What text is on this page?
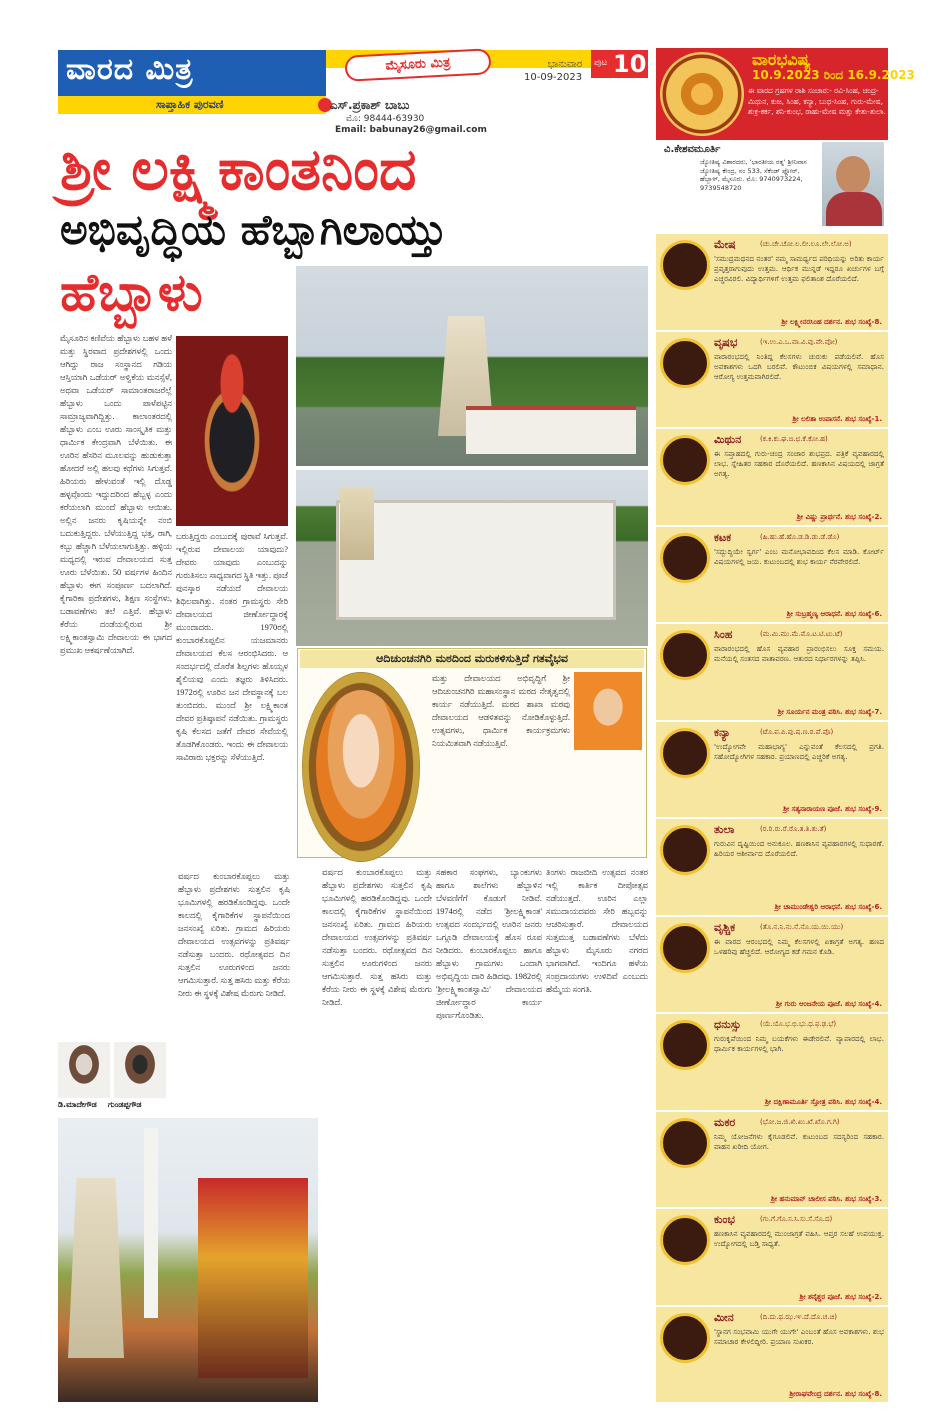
ವಾರದ ಮಿತ್ರ
ಸಾಪ್ತಾಹಿಕ ಪುರವಣಿ
ಮೈಸೂರು ಮಿತ್ರ	ಭಾನುವಾರ
10-09-2023
ಪುಟ 10
ಎಸ್.ಪ್ರಕಾಶ್ ಬಾಬು
ಮೊ: 98444-63930
Email: babunay26@gmail.com
ಶ್ರೀ ಲಕ್ಷ್ಮಿಕಾಂತನಿಂದ
ಅಭಿವೃದ್ಧಿಯ ಹೆಬ್ಬಾಗಿಲಾಯ್ತು
ಹೆಬ್ಬಾಳು
ಡಿ.ಮಾದೇಗೌಡ ಗುಂಡಪ್ಪಗೌಡ
ಮೈಸೂರಿನ ಕಣಿವೆಯ ಹೆಬ್ಬಾಳು ಬಹಳ ಹಳೆ ಮತ್ತು ಸ್ಥಿರವಾದ ಪ್ರದೇಶಗಳಲ್ಲಿ ಒಂದು ಆಗಿದ್ದು ರಾಜ ಸಂಸ್ಥಾನದ ಗಡಿಯ ಆಸ್ತಿಯಾಗಿ ಒಡೆಯರ್ ಅಳ್ವಿಕೆಯ ಮನಸ್ಸೆಳೆ, ಅಥವಾ ಒಡೆಯರ್ ಸಾಮಾಂತರಾಜರೆಲ್ಲೆ ಹೆಬ್ಬಾಳು ಒಂದು ಪಾಳೆಪಟ್ಟಿನ ಸಾಮ್ರಾಜ್ಯವಾಗಿದ್ದಿತ್ತು. ಕಾಲಾಂತರದಲ್ಲಿ ಹೆಬ್ಬಾಳು ಎಂಬ ಊರು ಸಾಂಸ್ಕೃತಿಕ ಮತ್ತು ಧಾರ್ಮಿಕ ಕೇಂದ್ರವಾಗಿ ಬೆಳೆಯಿತು. ಈ ಊರಿನ ಹೆಸರಿನ ಮೂಲವನ್ನು ಹುಡುಕುತ್ತಾ ಹೋದರೆ ಅಲ್ಲಿ ಹಲವು ಕಥೆಗಳು ಸಿಗುತ್ತವೆ. ಹಿರಿಯರು ಹೇಳುವಂತೆ ಇಲ್ಲಿ ದೊಡ್ಡ ಹಳ್ಳವೊಂದು ಇದ್ದುದರಿಂದ ಹೆಬ್ಬಳ್ಳ ಎಂದು ಕರೆಯಲಾಗಿ ಮುಂದೆ ಹೆಬ್ಬಾಳು ಆಯಿತು. ಅಲ್ಲಿನ ಜನರು ಕೃಷಿಯನ್ನೇ ನಂಬಿ ಬದುಕುತ್ತಿದ್ದರು. ಬೆಳೆಯುತ್ತಿದ್ದ ಭತ್ತ, ರಾಗಿ, ಕಬ್ಬು ಹೆಚ್ಚಾಗಿ ಬೆಳೆಯಲಾಗುತ್ತಿತ್ತು. ಹಳ್ಳಿಯ ಮಧ್ಯದಲ್ಲಿ ಇರುವ ದೇವಾಲಯದ ಸುತ್ತ ಊರು ಬೆಳೆಯಿತು. 50 ವರ್ಷಗಳ ಹಿಂದಿನ ಹೆಬ್ಬಾಳು ಈಗ ಸಂಪೂರ್ಣ ಬದಲಾಗಿದೆ. ಕೈಗಾರಿಕಾ ಪ್ರದೇಶಗಳು, ಶಿಕ್ಷಣ ಸಂಸ್ಥೆಗಳು, ಬಡಾವಣೆಗಳು ತಲೆ ಎತ್ತಿವೆ. ಹೆಬ್ಬಾಳು ಕೆರೆಯ ದಂಡೆಯಲ್ಲಿರುವ ಶ್ರೀ ಲಕ್ಷ್ಮಿಕಾಂತಸ್ವಾಮಿ ದೇವಾಲಯ ಈ ಭಾಗದ ಪ್ರಮುಖ ಆಕರ್ಷಣೆಯಾಗಿದೆ.
ಬರುತ್ತಿದ್ದರು ಎಂಬುದಕ್ಕೆ ಪುರಾವೆ ಸಿಗುತ್ತವೆ. ಇಲ್ಲಿರುವ ದೇವಾಲಯ ಯಾವುದು? ದೇವರು ಯಾವುದು ಎಂಬುದನ್ನು ಗುರುತಿಸಲು ಸಾಧ್ಯವಾಗದ ಸ್ಥಿತಿ ಇತ್ತು. ಪೂಜೆ ಪುನಸ್ಕಾರ ನಡೆಯದೆ ದೇವಾಲಯ ಶಿಥಿಲವಾಗಿತ್ತು. ನಂತರ ಗ್ರಾಮಸ್ಥರು ಸೇರಿ ದೇವಾಲಯದ ಜೀರ್ಣೋದ್ಧಾರಕ್ಕೆ ಮುಂದಾದರು. 1970ರಲ್ಲಿ ಕುಂಬಾರಕೊಪ್ಪಲಿನ ಯಜಮಾನರು ದೇವಾಲಯದ ಕೆಲಸ ಆರಂಭಿಸಿದರು. ಆ ಸಂದರ್ಭದಲ್ಲಿ ದೊರೆತ ಶಿಲ್ಪಗಳು ಹೊಯ್ಸಳ ಶೈಲಿಯವು ಎಂದು ತಜ್ಞರು ತಿಳಿಸಿದರು. 1972ರಲ್ಲಿ ಊರಿನ ಜನ ದೇವಸ್ಥಾನಕ್ಕೆ ಬಲ ತುಂಬಿದರು. ಮುಂದೆ ಶ್ರೀ ಲಕ್ಷ್ಮಿಕಾಂತ ದೇವರ ಪ್ರತಿಷ್ಠಾಪನೆ ನಡೆಯಿತು. ಗ್ರಾಮಸ್ಥರು ಕೃಷಿ ಕೆಲಸದ ಜತೆಗೆ ದೇವರ ಸೇವೆಯಲ್ಲಿ ತೊಡಗಿಕೊಂಡರು. ಇಂದು ಈ ದೇವಾಲಯ ಸಾವಿರಾರು ಭಕ್ತರನ್ನು ಸೆಳೆಯುತ್ತಿದೆ.
ವರ್ಷದ ಕುಂಬಾರಕೊಪ್ಪಲು ಮತ್ತು ಹೆಬ್ಬಾಳು ಪ್ರದೇಶಗಳು ಸುತ್ತಲಿನ ಕೃಷಿ ಭೂಮಿಗಳಲ್ಲಿ ಹರಡಿಕೊಂಡಿದ್ದವು. ಒಂದೇ ಕಾಲದಲ್ಲಿ ಕೈಗಾರಿಕೆಗಳ ಸ್ಥಾಪನೆಯಿಂದ ಜನಸಂಖ್ಯೆ ಏರಿತು. ಗ್ರಾಮದ ಹಿರಿಯರು ದೇವಾಲಯದ ಉತ್ಸವಗಳನ್ನು ಪ್ರತಿವರ್ಷ ನಡೆಸುತ್ತಾ ಬಂದರು. ರಥೋತ್ಸವದ ದಿನ ಸುತ್ತಲಿನ ಊರುಗಳಿಂದ ಜನರು ಆಗಮಿಸುತ್ತಾರೆ. ಸುತ್ತ ಹಸಿರು ಮತ್ತು ಕೆರೆಯ ನೀರು ಈ ಸ್ಥಳಕ್ಕೆ ವಿಶೇಷ ಮೆರುಗು ನೀಡಿದೆ.
ವರ್ಷದ ಕುಂಬಾರಕೊಪ್ಪಲು ಮತ್ತು ಹೆಬ್ಬಾಳು ಪ್ರದೇಶಗಳು ಸುತ್ತಲಿನ ಕೃಷಿ ಭೂಮಿಗಳಲ್ಲಿ ಹರಡಿಕೊಂಡಿದ್ದವು. ಒಂದೇ ಕಾಲದಲ್ಲಿ ಕೈಗಾರಿಕೆಗಳ ಸ್ಥಾಪನೆಯಿಂದ ಜನಸಂಖ್ಯೆ ಏರಿತು. ಗ್ರಾಮದ ಹಿರಿಯರು ದೇವಾಲಯದ ಉತ್ಸವಗಳನ್ನು ಪ್ರತಿವರ್ಷ ನಡೆಸುತ್ತಾ ಬಂದರು. ರಥೋತ್ಸವದ ದಿನ ಸುತ್ತಲಿನ ಊರುಗಳಿಂದ ಜನರು ಆಗಮಿಸುತ್ತಾರೆ. ಸುತ್ತ ಹಸಿರು ಮತ್ತು ಕೆರೆಯ ನೀರು ಈ ಸ್ಥಳಕ್ಕೆ ವಿಶೇಷ ಮೆರುಗು ನೀಡಿದೆ.
ಸಹಕಾರ ಸಂಘಗಳು, ಬ್ಯಾಂಕುಗಳು ಹಾಗೂ ಶಾಲೆಗಳು ಹೆಬ್ಬಾಳಿನ ಬೆಳವಣಿಗೆಗೆ ಕೊಡುಗೆ ನೀಡಿವೆ. 1974ರಲ್ಲಿ ನಡೆದ 'ಶ್ರೀಲಕ್ಷ್ಮಿಕಾಂತ' ಉತ್ಸವದ ಸಂದರ್ಭದಲ್ಲಿ ಊರಿನ ಜನರು ಒಗ್ಗೂಡಿ ದೇವಾಲಯಕ್ಕೆ ಹೊಸ ರೂಪ ನೀಡಿದರು. ಕುಂಬಾರಕೊಪ್ಪಲು ಹಾಗೂ ಹೆಬ್ಬಾಳು ಗ್ರಾಮಗಳು ಒಂದಾಗಿ ಅಭಿವೃದ್ಧಿಯ ದಾರಿ ಹಿಡಿದವು. 1982ರಲ್ಲಿ 'ಶ್ರೀಲಕ್ಷ್ಮಿಕಾಂತಸ್ವಾಮಿ' ದೇವಾಲಯದ ಜೀರ್ಣೋದ್ಧಾರ ಕಾರ್ಯ ಪೂರ್ಣಗೊಂಡಿತು.
ತಿಂಗಳು ರಾಜಬೀದಿ ಉತ್ಸವದ ನಂತರ ಇಲ್ಲಿ ಕಾರ್ತಿಕ ದೀಪೋತ್ಸವ ನಡೆಯುತ್ತದೆ. ಊರಿನ ಎಲ್ಲಾ ಸಮುದಾಯದವರು ಸೇರಿ ಹಬ್ಬವನ್ನು ಆಚರಿಸುತ್ತಾರೆ. ದೇವಾಲಯದ ಸುತ್ತಮುತ್ತ ಬಡಾವಣೆಗಳು ಬೆಳೆದು ಹೆಬ್ಬಾಳು ಮೈಸೂರು ನಗರದ ಭಾಗವಾಗಿದೆ. ಇಂದಿಗೂ ಹಳೆಯ ಸಂಪ್ರದಾಯಗಳು ಉಳಿದಿವೆ ಎಂಬುದು ಹೆಮ್ಮೆಯ ಸಂಗತಿ.
ಆದಿಚುಂಚನಗಿರಿ ಮಠದಿಂದ ಮರುಕಳಿಸುತ್ತಿದೆ ಗತವೈಭವ
ಮತ್ತು ದೇವಾಲಯದ ಅಭಿವೃದ್ಧಿಗೆ ಶ್ರೀ ಆದಿಚುಂಚನಗಿರಿ ಮಹಾಸಂಸ್ಥಾನ ಮಠದ ನೇತೃತ್ವದಲ್ಲಿ ಕಾರ್ಯ ನಡೆಯುತ್ತಿದೆ. ಮಠದ ಶಾಖಾ ಮಠವು ದೇವಾಲಯದ ಆಡಳಿತವನ್ನು ನೋಡಿಕೊಳ್ಳುತ್ತಿದೆ. ಉತ್ಸವಗಳು, ಧಾರ್ಮಿಕ ಕಾರ್ಯಕ್ರಮಗಳು ನಿಯಮಿತವಾಗಿ ನಡೆಯುತ್ತಿವೆ.
ವಾರಭವಿಷ್ಯ
10.9.2023 ರಿಂದ 16.9.2023
ಈ ವಾರದ ಗ್ರಹಗಳ ರಾಶಿ ಸಂಚಾರ:- ರವಿ-ಸಿಂಹ, ಚಂದ್ರ-ಮಿಥುನ, ಕುಜ, ಸಿಂಹ, ಕನ್ಯಾ, ಬುಧ-ಸಿಂಹ, ಗುರು-ಮೇಷ, ಶುಕ್ರ-ಕರ್ಕ, ಶನಿ-ಕುಂಭ, ರಾಹು-ಮೇಷ ಮತ್ತು ಕೇತು-ತುಲಾ.
ವಿ.ಕೇಶವಮೂರ್ತಿ
ಜ್ಯೋತಿಷ್ಯ ವಿಶಾರದರು, 'ಭಾರತೀಯ ರತ್ನ' ಶ್ರೀನಿವಾಸ ಜ್ಯೋತಿಷ್ಯ ಕೇಂದ್ರ, ನಂ 533, ಸೆಕೆಂಡ್ ಫ್ಲೋರ್, ಹೆಬ್ಬಾಳ್, ಮೈಸೂರು. ಮೊ: 9740973224, 9739548720
ಮೇಷ	(ಚು.ಚೇ.ಚೋ.ಲ.ಲೀ.ಲೂ.ಲೇ.ಲೋ.ಅ)
'ಸಮುದ್ರಮಥನದ ನಂತರ' ನಮ್ಮ ಸಾಮರ್ಥ್ಯದ ಪರಿಧಿಯನ್ನು ಅರಿತು ಕಾರ್ಯ ಪ್ರವೃತ್ತರಾಗುವುದು ಉತ್ತಮ. ಆರ್ಥಿಕ ಮುನ್ನಡೆ ಇದ್ದರೂ ಖರ್ಚುಗಳ ಬಗ್ಗೆ ಎಚ್ಚರವಿರಲಿ. ವಿದ್ಯಾರ್ಥಿಗಳಿಗೆ ಉತ್ತಮ ಫಲಿತಾಂಶ ದೊರೆಯಲಿದೆ.
ಶ್ರೀ ಲಕ್ಷ್ಮೀನರಸಿಂಹ ದರ್ಶನ. ಶುಭ ಸಂಖ್ಯೆ-8.
ವೃಷಭ	(ಇ.ಉ.ಎ.ಒ.ವಾ.ವಿ.ವು.ವೇ.ವೋ)
ವಾರಾರಂಭದಲ್ಲಿ ನಿಂತಿದ್ದ ಕೆಲಸಗಳು ಚುರುಕು ಪಡೆಯಲಿವೆ. ಹೊಸ ಅವಕಾಶಗಳು ಒದಗಿ ಬರಲಿವೆ. ಕೌಟುಂಬಿಕ ವಿಷಯಗಳಲ್ಲಿ ಸಮಾಧಾನ. ಆರೋಗ್ಯ ಉತ್ತಮವಾಗಿರಲಿದೆ.
ಶ್ರೀ ಲಲಿತಾ ಉಪಾಸನೆ. ಶುಭ ಸಂಖ್ಯೆ-1.
ಮಿಥುನ	(ಕ.ಕಿ.ಕು.ಘ.ಙ.ಛ.ಕೆ.ಕೋ.ಹ)
ಈ ಸಪ್ತಾಹದಲ್ಲಿ ಗುರು-ಚಂದ್ರ ಸಂಚಾರ ಶುಭಪ್ರದ. ಪತ್ರಿಕೆ ವ್ಯವಹಾರದಲ್ಲಿ ಲಾಭ. ಸ್ನೇಹಿತರ ಸಹಕಾರ ದೊರೆಯಲಿದೆ. ಹಣಕಾಸಿನ ವಿಷಯದಲ್ಲಿ ಜಾಗ್ರತೆ ಅಗತ್ಯ.
ಶ್ರೀ ವಿಷ್ಣು ಪ್ರಾರ್ಥನೆ. ಶುಭ ಸಂಖ್ಯೆ-2.
ಕಟಕ	(ಹಿ.ಹು.ಹೆ.ಹೊ.ಡ.ಡಿ.ಡು.ಡೆ.ಡೊ)
'ಸದ್ಬುದ್ಧಿಯೇ ಸ್ವರ್ಗ' ಎಂಬ ಮನೋಭಾವದಿಂದ ಕೆಲಸ ಮಾಡಿ. ಕೋರ್ಟ್ ವಿಷಯಗಳಲ್ಲಿ ಜಯ. ಕುಟುಂಬದಲ್ಲಿ ಶುಭ ಕಾರ್ಯ ನೆರವೇರಲಿದೆ.
ಶ್ರೀ ಸುಬ್ರಹ್ಮಣ್ಯ ಆರಾಧನೆ. ಶುಭ ಸಂಖ್ಯೆ-6.
ಸಿಂಹ	(ಮ.ಮಿ.ಮು.ಮೆ.ಮೊ.ಟ.ಟಿ.ಟು.ಟೆ)
ವಾರಾರಂಭದಲ್ಲಿ ಹೊಸ ವ್ಯವಹಾರ ಪ್ರಾರಂಭಿಸಲು ಸೂಕ್ತ ಸಮಯ. ಮನೆಯಲ್ಲಿ ಸಂತಸದ ವಾತಾವರಣ. ಆತುರದ ನಿರ್ಧಾರಗಳನ್ನು ತಪ್ಪಿಸಿ.
ಶ್ರೀ ಸೂರ್ಯನ ಮಂತ್ರ ಪಠಿಸಿ. ಶುಭ ಸಂಖ್ಯೆ-7.
ಕನ್ಯಾ	(ಟೊ.ಪ.ಪಿ.ಪು.ಷ.ಣ.ಠ.ಪೆ.ಪೊ)
'ಉದ್ಯೋಗವೇ ಮಹಾಭಾಗ್ಯ' ಎನ್ನುವಂತೆ ಕೆಲಸದಲ್ಲಿ ಪ್ರಗತಿ. ಸಹೋದ್ಯೋಗಿಗಳ ಸಹಕಾರ. ಪ್ರಯಾಣದಲ್ಲಿ ಎಚ್ಚರಿಕೆ ಅಗತ್ಯ.
ಶ್ರೀ ಸತ್ಯನಾರಾಯಣ ಪೂಜೆ. ಶುಭ ಸಂಖ್ಯೆ-9.
ತುಲಾ	(ರ.ರಿ.ರು.ರೆ.ರೊ.ತ.ತಿ.ತು.ತೆ)
ಗುರುವಿನ ದೃಷ್ಟಿಯಿಂದ ಅನುಕೂಲ. ಹಣಕಾಸಿನ ವ್ಯವಹಾರಗಳಲ್ಲಿ ಸುಧಾರಣೆ. ಹಿರಿಯರ ಆಶೀರ್ವಾದ ದೊರೆಯಲಿದೆ.
ಶ್ರೀ ಚಾಮುಂಡೇಶ್ವರಿ ಆರಾಧನೆ. ಶುಭ ಸಂಖ್ಯೆ-6.
ವೃಶ್ಚಿಕ	(ತೊ.ನ.ನಿ.ನು.ನೆ.ನೊ.ಯ.ಯಿ.ಯು)
ಈ ವಾರದ ಆರಂಭದಲ್ಲಿ ನಿಮ್ಮ ಕೆಲಸಗಳಲ್ಲಿ ಏಕಾಗ್ರತೆ ಅಗತ್ಯ. ಹಣದ ಒಳಹರಿವು ಹೆಚ್ಚಲಿದೆ. ಆರೋಗ್ಯದ ಕಡೆ ಗಮನ ಕೊಡಿ.
ಶ್ರೀ ಗುರು ಆಂಜನೇಯ ಪೂಜೆ. ಶುಭ ಸಂಖ್ಯೆ-4.
ಧನುಸ್ಸು	(ಯೆ.ಯೊ.ಭ.ಭಿ.ಭು.ಧ.ಫ.ಢ.ಭೆ)
ಗುರುಕೃಪೆಯಿಂದ ನಿಮ್ಮ ಬಯಕೆಗಳು ಈಡೇರಲಿವೆ. ವ್ಯಾಪಾರದಲ್ಲಿ ಲಾಭ. ಧಾರ್ಮಿಕ ಕಾರ್ಯಗಳಲ್ಲಿ ಭಾಗಿ.
ಶ್ರೀ ದಕ್ಷಿಣಾಮೂರ್ತಿ ಸ್ತೋತ್ರ ಪಠಿಸಿ. ಶುಭ ಸಂಖ್ಯೆ-4.
ಮಕರ	(ಭೋ.ಜ.ಜಿ.ಖಿ.ಖು.ಖೆ.ಖೊ.ಗ.ಗಿ)
ನಿಮ್ಮ ಯೋಜನೆಗಳು ಕೈಗೂಡಲಿವೆ. ಕುಟುಂಬದ ಸದಸ್ಯರಿಂದ ಸಹಕಾರ. ವಾಹನ ಖರೀದಿ ಯೋಗ.
ಶ್ರೀ ಹನುಮಾನ್ ಚಾಲೀಸ ಪಠಿಸಿ. ಶುಭ ಸಂಖ್ಯೆ-3.
ಕುಂಭ	(ಗು.ಗೆ.ಗೊ.ಸ.ಸಿ.ಸು.ಸೆ.ಸೊ.ದ)
ಹಣಕಾಸಿನ ವ್ಯವಹಾರದಲ್ಲಿ ಮುಂಜಾಗ್ರತೆ ವಹಿಸಿ. ಆಪ್ತರ ಸಲಹೆ ಉಪಯುಕ್ತ. ಉದ್ಯೋಗದಲ್ಲಿ ಬಡ್ತಿ ಸಾಧ್ಯತೆ.
ಶ್ರೀ ಶನೈಶ್ಚರ ಪೂಜೆ. ಶುಭ ಸಂಖ್ಯೆ-2.
ಮೀನ	(ದಿ.ದು.ಥ.ಝ.ಞ.ದೆ.ದೊ.ಚ.ಚಿ)
'ಸ್ಥಾನಗ ಸಂಭವಾಮಿ ಯುಗೇ ಯುಗೇ' ಎಂಬಂತೆ ಹೊಸ ಅವಕಾಶಗಳು. ಶುಭ ಸಮಾಚಾರ ಕೇಳಲಿದ್ದೀರಿ. ಪ್ರಯಾಣ ಸುಖಕರ.
ಶ್ರೀರಾಘವೇಂದ್ರ ದರ್ಶನ. ಶುಭ ಸಂಖ್ಯೆ-8.
